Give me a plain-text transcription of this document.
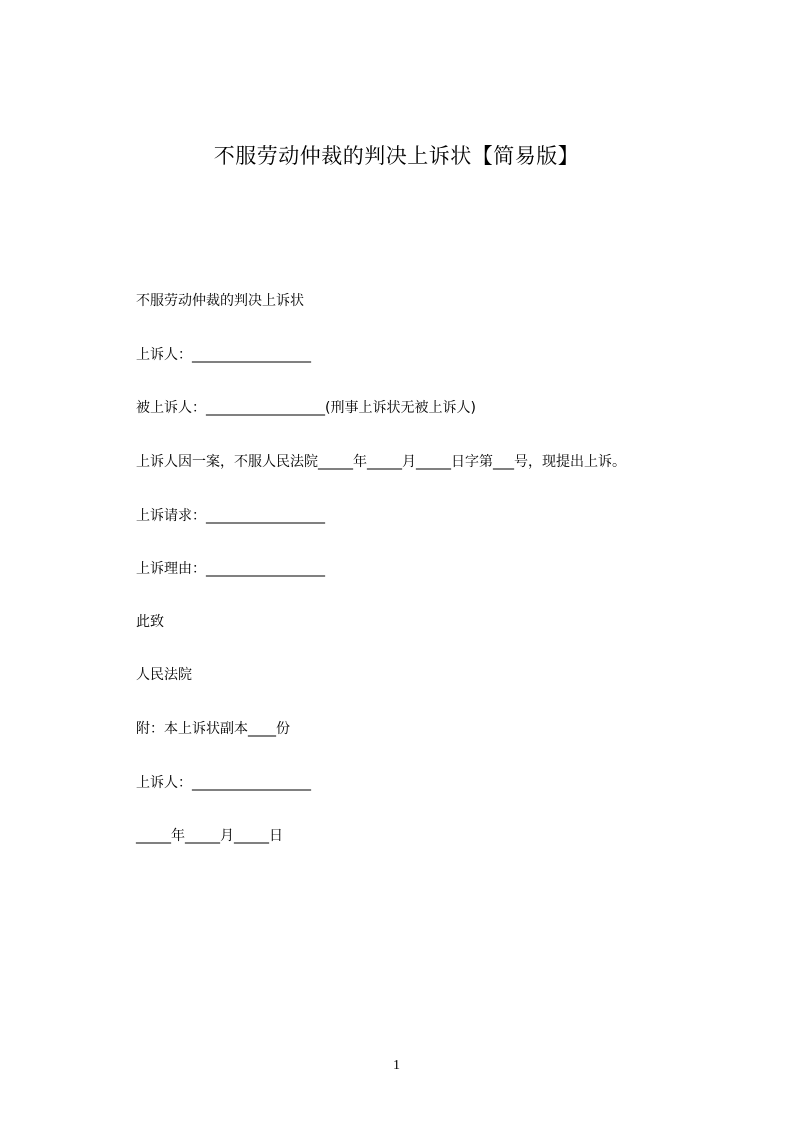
不服劳动仲裁的判决上诉状【简易版】
不服劳动仲裁的判决上诉状
上诉人：_________________
被上诉人：_________________(刑事上诉状无被上诉人)
上诉人因一案，不服人民法院_____年_____月_____日字第___号，现提出上诉。
上诉请求：_________________
上诉理由：_________________
此致
人民法院
附：本上诉状副本____份
上诉人：_________________
_____年_____月_____日
1
